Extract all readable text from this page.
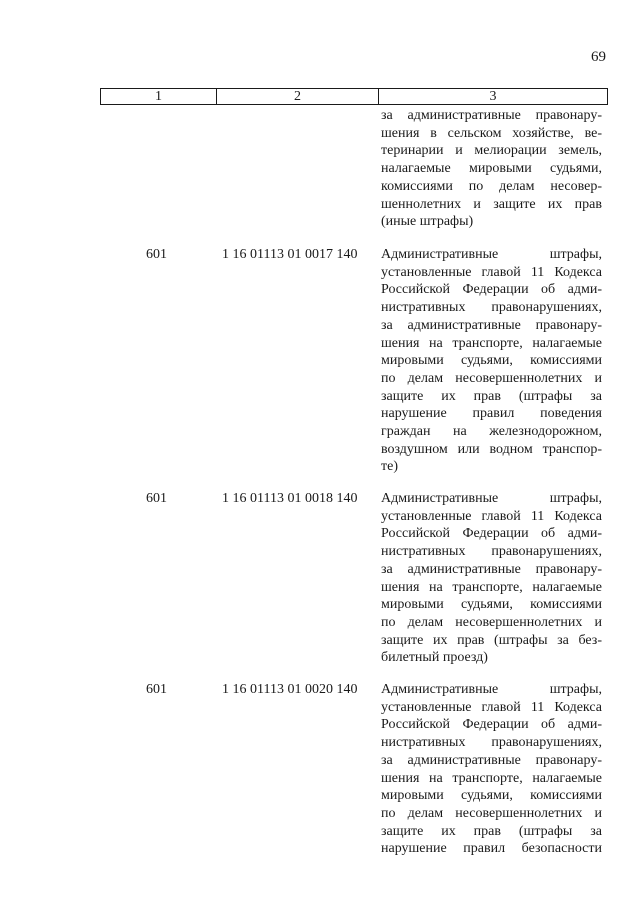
69
1	2	3
за административные правонару-
шения в сельском хозяйстве, ве-
теринарии и мелиорации земель,
налагаемые мировыми судьями,
комиссиями по делам несовер-
шеннолетних и защите их прав
(иные штрафы)
601	1 16 01113 01 0017 140 Административные штрафы,
установленные главой 11 Кодекса
Российской Федерации об адми-
нистративных правонарушениях,
за административные правонару-
шения на транспорте, налагаемые
мировыми судьями, комиссиями
по делам несовершеннолетних и
защите их прав (штрафы за
нарушение правил поведения
граждан на железнодорожном,
воздушном или водном транспор-
те)
601	1 16 01113 01 0018 140 Административные штрафы,
установленные главой 11 Кодекса
Российской Федерации об адми-
нистративных правонарушениях,
за административные правонару-
шения на транспорте, налагаемые
мировыми судьями, комиссиями
по делам несовершеннолетних и
защите их прав (штрафы за без-
билетный проезд)
601	1 16 01113 01 0020 140 Административные штрафы,
установленные главой 11 Кодекса
Российской Федерации об адми-
нистративных правонарушениях,
за административные правонару-
шения на транспорте, налагаемые
мировыми судьями, комиссиями
по делам несовершеннолетних и
защите их прав (штрафы за
нарушение правил безопасности
